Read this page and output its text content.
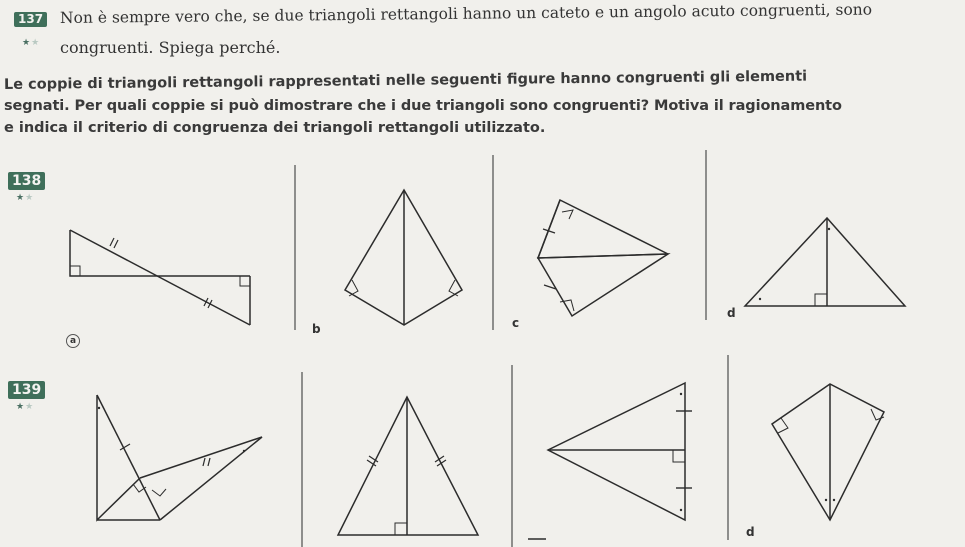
137
★★
Non è sempre vero che, se due triangoli rettangoli hanno un cateto e un angolo acuto congruenti, sono
congruenti. Spiega perché.
Le coppie di triangoli rettangoli rappresentati nelle seguenti figure hanno congruenti gli elementi
segnati. Per quali coppie si può dimostrare che i due triangoli sono congruenti? Motiva il ragionamento
e indica il criterio di congruenza dei triangoli rettangoli utilizzato.
138
★★
a
b	c
d
139
★★
d
